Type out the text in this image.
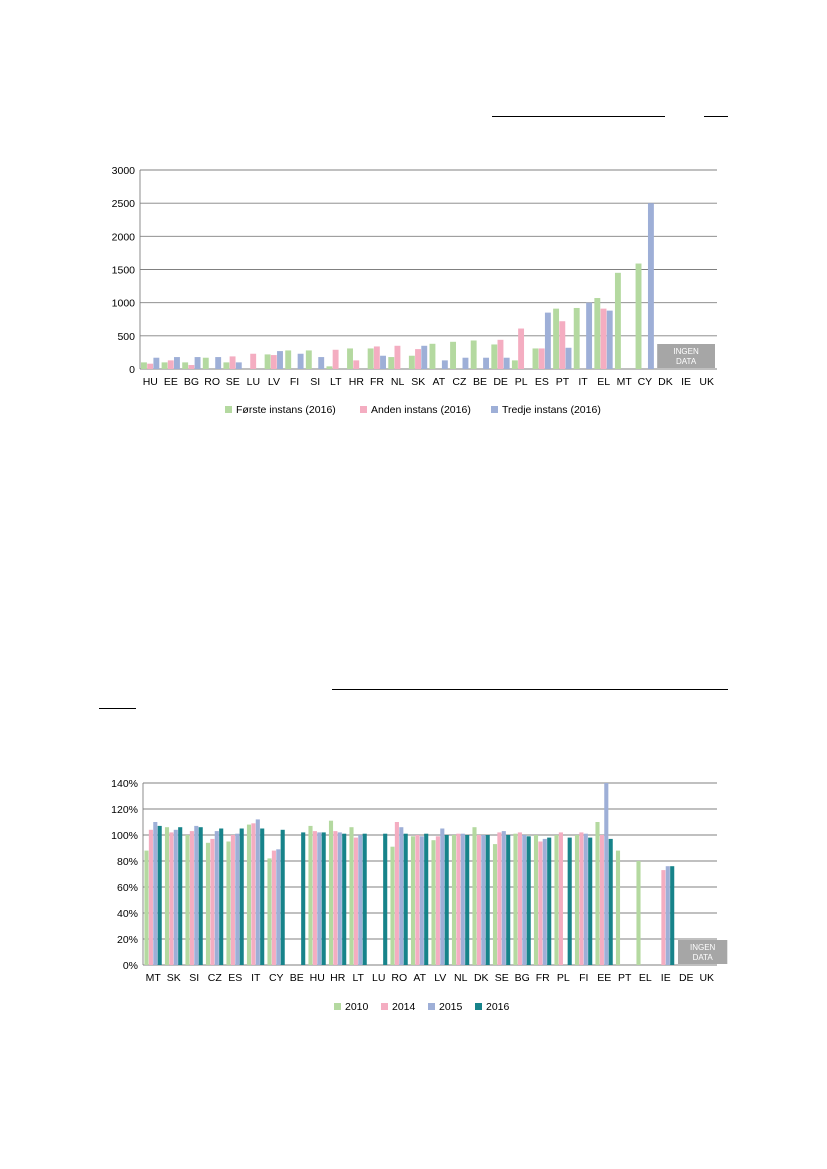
0
500
1000
1500
2000
2500
3000
HU EE BG RO SE LU LV FI SI LT HR FR NL SK AT CZ BE DE PL ES PT IT EL MT CY DK IE UK
INGEN
DATA
Første instans (2016)	Anden instans (2016)	Tredje instans (2016)
0%
20%
40%
60%
80%
100%
120%
140%
MT SK SI CZ ES IT CY BE HU HR LT LU RO AT LV NL DK SE BG FR PL FI EE PT EL IE DE UK
INGEN
DATA
2010 2014 2015 2016
